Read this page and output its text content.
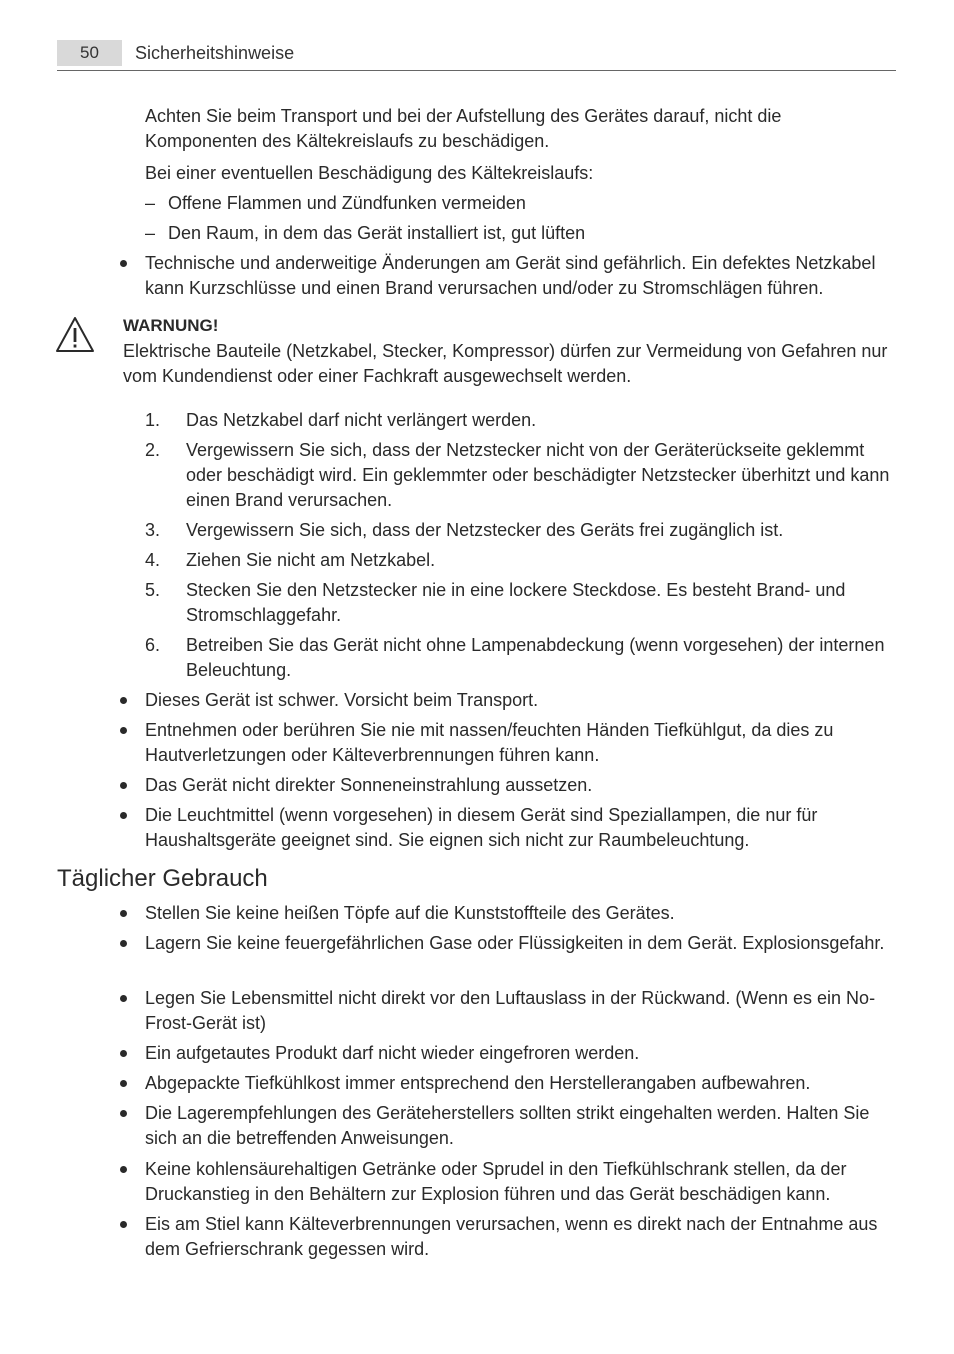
50	Sicherheitshinweise

Achten Sie beim Transport und bei der Aufstellung des Gerätes darauf, nicht die Komponenten des Kältekreislaufs zu beschädigen.

Bei einer eventuellen Beschädigung des Kältekreislaufs:

– Offene Flammen und Zündfunken vermeiden
– Den Raum, in dem das Gerät installiert ist, gut lüften
Technische und anderweitige Änderungen am Gerät sind gefährlich. Ein defektes Netzkabel kann Kurzschlüsse und einen Brand verursachen und/oder zu Stromschlägen führen.
WARNUNG!
Elektrische Bauteile (Netzkabel, Stecker, Kompressor) dürfen zur Vermeidung von Gefahren nur vom Kundendienst oder einer Fachkraft ausgewechselt werden.
1.	Das Netzkabel darf nicht verlängert werden.
2.	Vergewissern Sie sich, dass der Netzstecker nicht von der Geräterückseite geklemmt oder beschädigt wird. Ein geklemmter oder beschädigter Netzstecker überhitzt und kann einen Brand verursachen.
3.	Vergewissern Sie sich, dass der Netzstecker des Geräts frei zugänglich ist.
4.	Ziehen Sie nicht am Netzkabel.
5.	Stecken Sie den Netzstecker nie in eine lockere Steckdose. Es besteht Brand- und Stromschlaggefahr.
6.	Betreiben Sie das Gerät nicht ohne Lampenabdeckung (wenn vorgesehen) der internen Beleuchtung.
Dieses Gerät ist schwer. Vorsicht beim Transport.
Entnehmen oder berühren Sie nie mit nassen/feuchten Händen Tiefkühlgut, da dies zu Hautverletzungen oder Kälteverbrennungen führen kann.
Das Gerät nicht direkter Sonneneinstrahlung aussetzen.
Die Leuchtmittel (wenn vorgesehen) in diesem Gerät sind Speziallampen, die nur für Haushaltsgeräte geeignet sind. Sie eignen sich nicht zur Raumbeleuchtung.
Täglicher Gebrauch
Stellen Sie keine heißen Töpfe auf die Kunststoffteile des Gerätes.
Lagern Sie keine feuergefährlichen Gase oder Flüssigkeiten in dem Gerät. Explosionsgefahr.
Legen Sie Lebensmittel nicht direkt vor den Luftauslass in der Rückwand. (Wenn es ein No-Frost-Gerät ist)
Ein aufgetautes Produkt darf nicht wieder eingefroren werden.
Abgepackte Tiefkühlkost immer entsprechend den Herstellerangaben aufbewahren.
Die Lagerempfehlungen des Geräteherstellers sollten strikt eingehalten werden. Halten Sie sich an die betreffenden Anweisungen.
Keine kohlensäurehaltigen Getränke oder Sprudel in den Tiefkühlschrank stellen, da der Druckanstieg in den Behältern zur Explosion führen und das Gerät beschädigen kann.
Eis am Stiel kann Kälteverbrennungen verursachen, wenn es direkt nach der Entnahme aus dem Gefrierschrank gegessen wird.
